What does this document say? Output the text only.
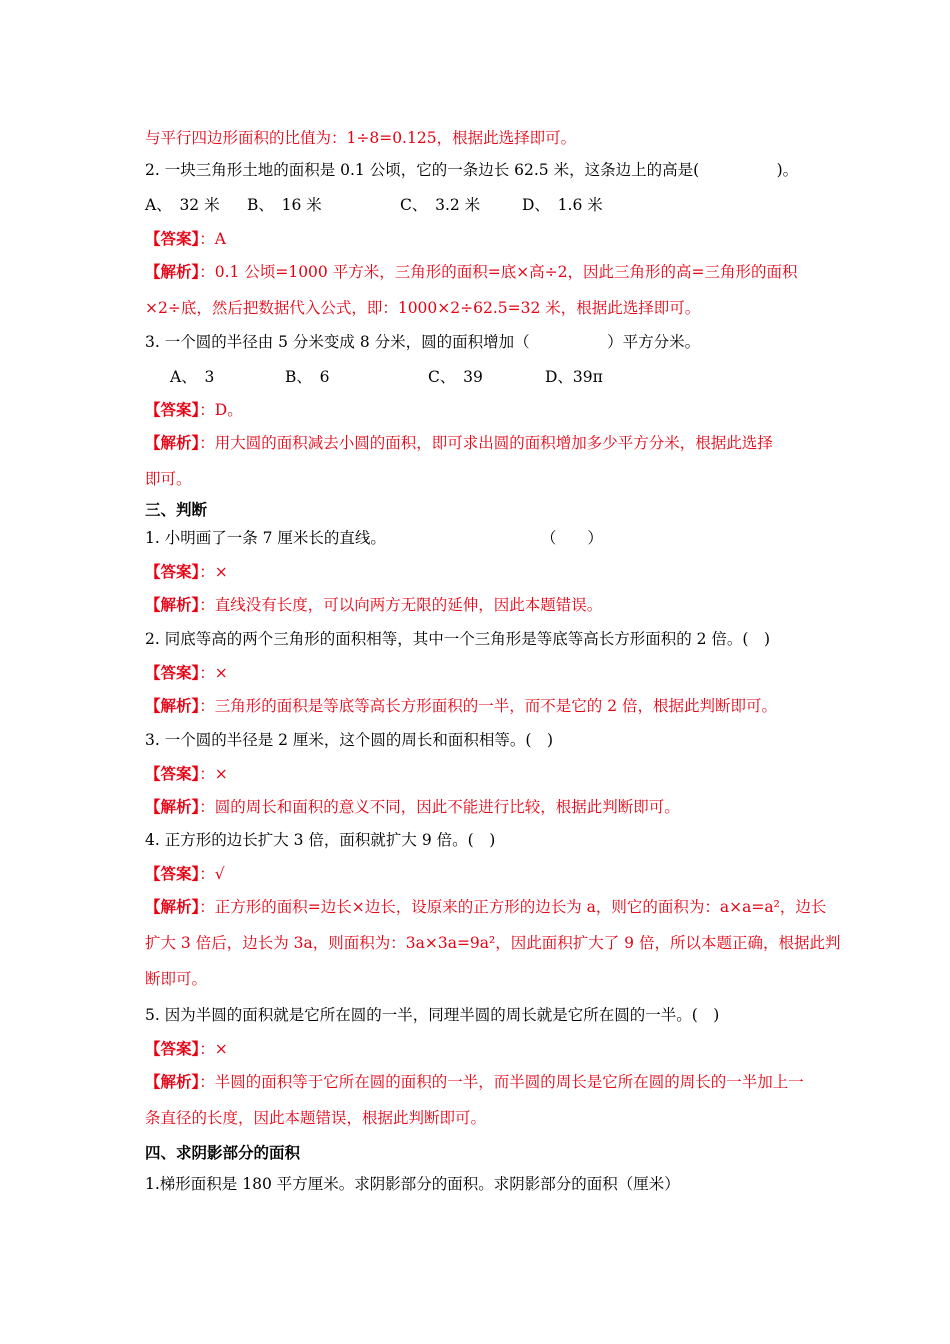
与平行四边形面积的比值为：1÷8=0.125，根据此选择即可。
2. 一块三角形土地的面积是 0.1 公顷，它的一条边长 62.5 米，这条边上的高是(　　　　　)。
A、　32 米 B、　16 米	C、　3.2 米	D、　1.6 米
【答案】：A
【解析】：0.1 公顷=1000 平方米，三角形的面积=底×高÷2，因此三角形的高=三角形的面积
×2÷底，然后把数据代入公式，即：1000×2÷62.5=32 米，根据此选择即可。
3. 一个圆的半径由 5 分米变成 8 分米，圆的面积增加（　　　　　）平方分米。
A、　3	B、　6	C、　39	D、39π
【答案】：D。
【解析】：用大圆的面积减去小圆的面积，即可求出圆的面积增加多少平方分米，根据此选择
即可。
三、判断
1. 小明画了一条 7 厘米长的直线。　　　　　　　　　　　（　　）
【答案】：×
【解析】：直线没有长度，可以向两方无限的延伸，因此本题错误。
2. 同底等高的两个三角形的面积相等，其中一个三角形是等底等高长方形面积的 2 倍。(　)
【答案】：×
【解析】：三角形的面积是等底等高长方形面积的一半，而不是它的 2 倍，根据此判断即可。
3. 一个圆的半径是 2 厘米，这个圆的周长和面积相等。(　)
【答案】：×
【解析】：圆的周长和面积的意义不同，因此不能进行比较，根据此判断即可。
4. 正方形的边长扩大 3 倍，面积就扩大 9 倍。(　)
【答案】：√
【解析】：正方形的面积=边长×边长，设原来的正方形的边长为 a，则它的面积为：a×a=a²，边长
扩大 3 倍后，边长为 3a，则面积为：3a×3a=9a²，因此面积扩大了 9 倍，所以本题正确，根据此判
断即可。
5. 因为半圆的面积就是它所在圆的一半，同理半圆的周长就是它所在圆的一半。(　)
【答案】：×
【解析】：半圆的面积等于它所在圆的面积的一半，而半圆的周长是它所在圆的周长的一半加上一
条直径的长度，因此本题错误，根据此判断即可。
四、求阴影部分的面积
1.梯形面积是 180 平方厘米。求阴影部分的面积。求阴影部分的面积（厘米）
